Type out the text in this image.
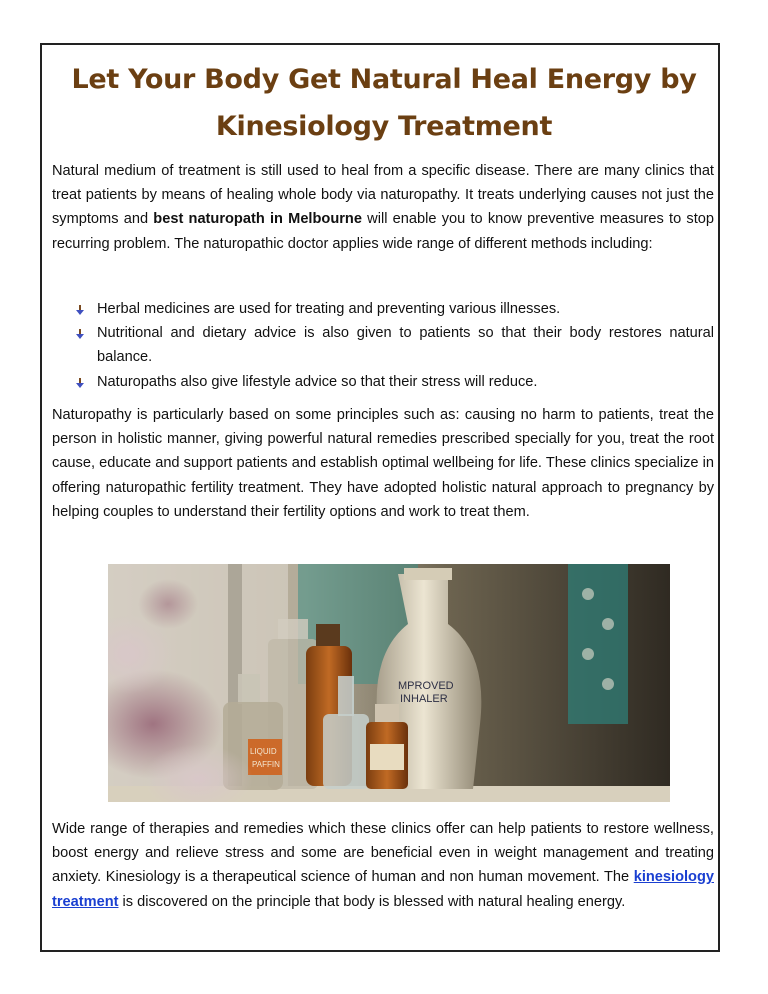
Let Your Body Get Natural Heal Energy by Kinesiology Treatment

Natural medium of treatment is still used to heal from a specific disease. There are many clinics that treat patients by means of healing whole body via naturopathy. It treats underlying causes not just the symptoms and best naturopath in Melbourne will enable you to know preventive measures to stop recurring problem. The naturopathic doctor applies wide range of different methods including:

Herbal medicines are used for treating and preventing various illnesses.
Nutritional and dietary advice is also given to patients so that their body restores natural balance.
Naturopaths also give lifestyle advice so that their stress will reduce.

Naturopathy is particularly based on some principles such as: causing no harm to patients, treat the person in holistic manner, giving powerful natural remedies prescribed specially for you, treat the root cause, educate and support patients and establish optimal wellbeing for life. These clinics specialize in offering naturopathic fertility treatment. They have adopted holistic natural approach to pregnancy by helping couples to understand their fertility options and work to treat them.

MPROVED
INHALER
LIQUID
PAFFIN

Wide range of therapies and remedies which these clinics offer can help patients to restore wellness, boost energy and relieve stress and some are beneficial even in weight management and treating anxiety. Kinesiology is a therapeutical science of human and non human movement. The kinesiology treatment is discovered on the principle that body is blessed with natural healing energy.
